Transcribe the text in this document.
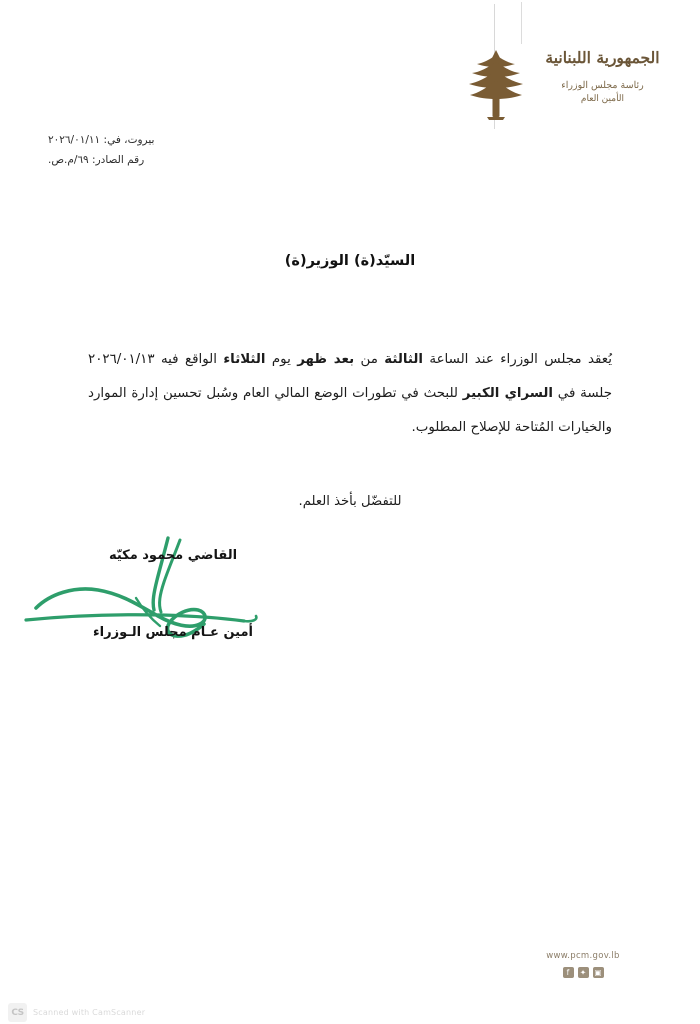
الجمهورية اللبنانية
رئاسة مجلس الوزراء
الأمين العام
بيروت، في: ٢٠٢٦/٠١/١١
رقم الصادر: ٦٩/م.ص.
السيّد(ة) الوزير(ة)
يُعقد مجلس الوزراء عند الساعة الثالثة من بعد ظهر يوم الثلاثاء الواقع فيه ٢٠٢٦/٠١/١٣ جلسة في السراي الكبير للبحث في تطورات الوضع المالي العام وسُبل تحسين إدارة الموارد والخيارات المُتاحة للإصلاح المطلوب.
للتفضّل بأخذ العلم.
القاضي محمود مكيّه
أمين عـام مجلس الـوزراء
www.pcm.gov.lb
f	✦	▣
CS	Scanned with CamScanner
